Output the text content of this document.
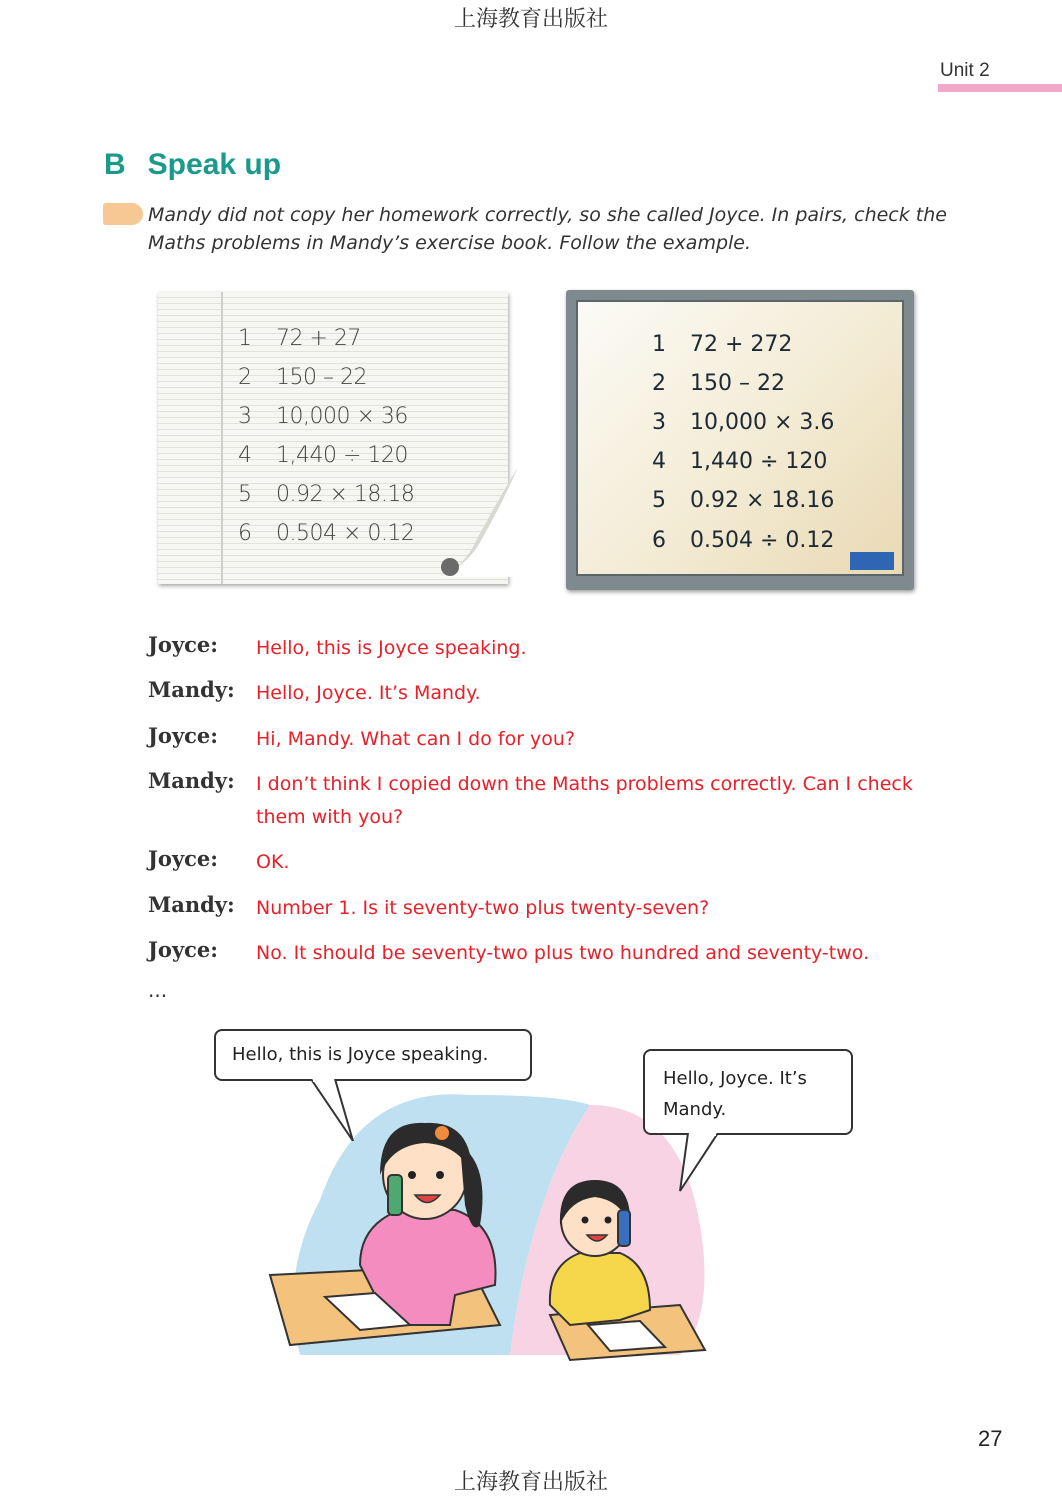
上海教育出版社
Unit 2
B Speak up
Mandy did not copy her homework correctly, so she called Joyce. In pairs, check the
Maths problems in Mandy’s exercise book. Follow the example.
1 72 + 27
2 150 – 22
3 10,000 × 36
4 1,440 ÷ 120
5 0.92 × 18.18
6 0.504 × 0.12
1 72 + 272
2 150 – 22
3 10,000 × 3.6
4 1,440 ÷ 120
5 0.92 × 18.16
6 0.504 ÷ 0.12
Joyce: Hello, this is Joyce speaking.
Mandy: Hello, Joyce. It’s Mandy.
Joyce: Hi, Mandy. What can I do for you?
Mandy: I don’t think I copied down the Maths problems correctly. Can I check them with you?
Joyce: OK.
Mandy: Number 1. Is it seventy-two plus twenty-seven?
Joyce: No. It should be seventy-two plus two hundred and seventy-two.
...
Hello, this is Joyce speaking.
Hello, Joyce. It’s
Mandy.
27
上海教育出版社
